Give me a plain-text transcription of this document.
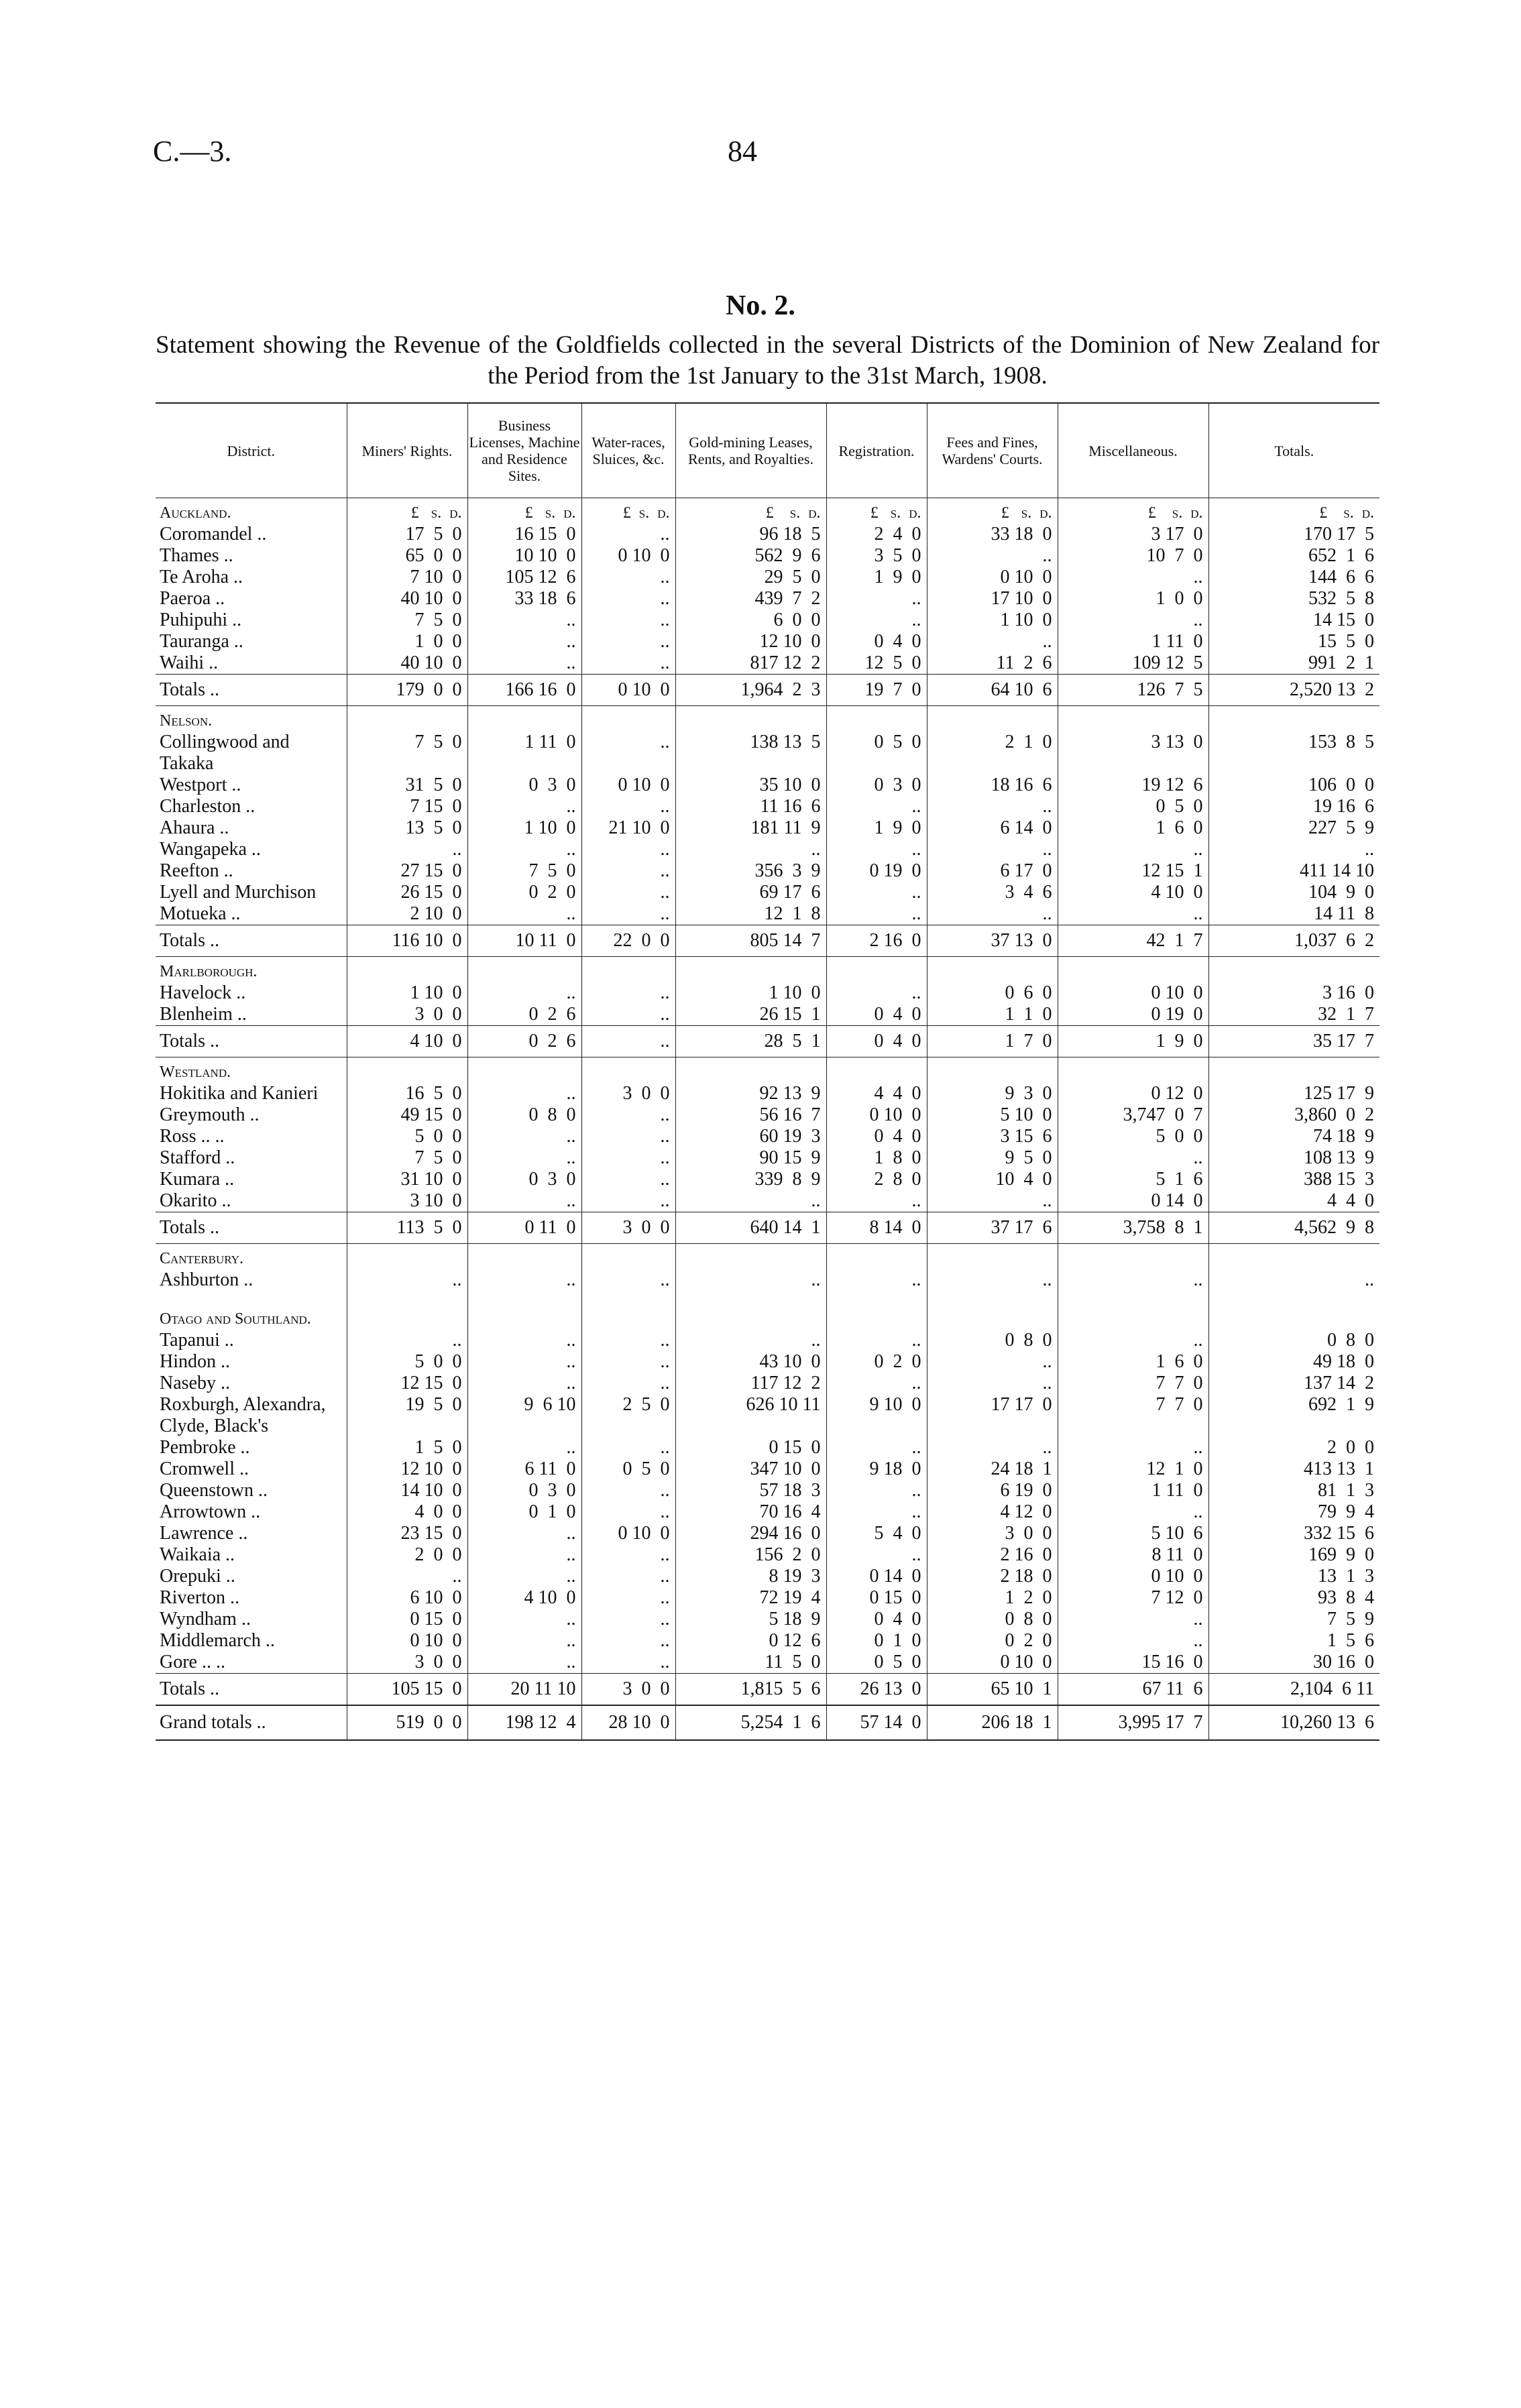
C.—3.	84
No. 2.
Statement showing the Revenue of the Goldfields collected in the several Districts of the Dominion of New Zealand for the Period from the 1st January to the 31st March, 1908.
District.	Miners' Rights.	Business Licenses, Machine and Residence Sites.	Water-races, Sluices, &c.	Gold-mining Leases, Rents, and Royalties.	Registration.	Fees and Fines, Wardens' Courts.	Miscellaneous.	Totals.
Auckland.	£   s.  d.	£   s.  d.	£  s.  d.	£    s.  d.	£   s.  d.	£   s.  d.	£    s.  d.	£    s.  d.
Coromandel ..	17  5  0	16 15  0	..	96 18  5	2  4  0	33 18  0	3 17  0	170 17  5
Thames ..	65  0  0	10 10  0	0 10  0	562  9  6	3  5  0	..	10  7  0	652  1  6
Te Aroha ..	7 10  0	105 12  6	..	29  5  0	1  9  0	0 10  0	..	144  6  6
Paeroa ..	40 10  0	33 18  6	..	439  7  2	..	17 10  0	1  0  0	532  5  8
Puhipuhi ..	7  5  0	..	..	6  0  0	..	1 10  0	..	14 15  0
Tauranga ..	1  0  0	..	..	12 10  0	0  4  0	..	1 11  0	15  5  0
Waihi ..	40 10  0	..	..	817 12  2	12  5  0	11  2  6	109 12  5	991  2  1
Totals ..	179  0  0	166 16  0	0 10  0	1,964  2  3	19  7  0	64 10  6	126  7  5	2,520 13  2
Nelson.								
Collingwood and Takaka	7  5  0	1 11  0	..	138 13  5	0  5  0	2  1  0	3 13  0	153  8  5
Westport ..	31  5  0	0  3  0	0 10  0	35 10  0	0  3  0	18 16  6	19 12  6	106  0  0
Charleston ..	7 15  0	..	..	11 16  6	..	..	0  5  0	19 16  6
Ahaura ..	13  5  0	1 10  0	21 10  0	181 11  9	1  9  0	6 14  0	1  6  0	227  5  9
Wangapeka ..	..	..	..	..	..	..	..	..
Reefton ..	27 15  0	7  5  0	..	356  3  9	0 19  0	6 17  0	12 15  1	411 14 10
Lyell and Murchison	26 15  0	0  2  0	..	69 17  6	..	3  4  6	4 10  0	104  9  0
Motueka ..	2 10  0	..	..	12  1  8	..	..	..	14 11  8
Totals ..	116 10  0	10 11  0	22  0  0	805 14  7	2 16  0	37 13  0	42  1  7	1,037  6  2
Marlborough.								
Havelock ..	1 10  0	..	..	1 10  0	..	0  6  0	0 10  0	3 16  0
Blenheim ..	3  0  0	0  2  6	..	26 15  1	0  4  0	1  1  0	0 19  0	32  1  7
Totals ..	4 10  0	0  2  6	..	28  5  1	0  4  0	1  7  0	1  9  0	35 17  7
Westland.								
Hokitika and Kanieri	16  5  0	..	3  0  0	92 13  9	4  4  0	9  3  0	0 12  0	125 17  9
Greymouth ..	49 15  0	0  8  0	..	56 16  7	0 10  0	5 10  0	3,747  0  7	3,860  0  2
Ross .. ..	5  0  0	..	..	60 19  3	0  4  0	3 15  6	5  0  0	74 18  9
Stafford ..	7  5  0	..	..	90 15  9	1  8  0	9  5  0	..	108 13  9
Kumara ..	31 10  0	0  3  0	..	339  8  9	2  8  0	10  4  0	5  1  6	388 15  3
Okarito ..	3 10  0	..	..	..	..	..	0 14  0	4  4  0
Totals ..	113  5  0	0 11  0	3  0  0	640 14  1	8 14  0	37 17  6	3,758  8  1	4,562  9  8
Canterbury.								
Ashburton ..	..	..	..	..	..	..	..	..

Otago and Southland.								
Tapanui ..	..	..	..	..	..	0  8  0	..	0  8  0
Hindon ..	5  0  0	..	..	43 10  0	0  2  0	..	1  6  0	49 18  0
Naseby ..	12 15  0	..	..	117 12  2	..	..	7  7  0	137 14  2
Roxburgh, Alexandra, Clyde, Black's	19  5  0	9  6 10	2  5  0	626 10 11	9 10  0	17 17  0	7  7  0	692  1  9
Pembroke ..	1  5  0	..	..	0 15  0	..	..	..	2  0  0
Cromwell ..	12 10  0	6 11  0	0  5  0	347 10  0	9 18  0	24 18  1	12  1  0	413 13  1
Queenstown ..	14 10  0	0  3  0	..	57 18  3	..	6 19  0	1 11  0	81  1  3
Arrowtown ..	4  0  0	0  1  0	..	70 16  4	..	4 12  0	..	79  9  4
Lawrence ..	23 15  0	..	0 10  0	294 16  0	5  4  0	3  0  0	5 10  6	332 15  6
Waikaia ..	2  0  0	..	..	156  2  0	..	2 16  0	8 11  0	169  9  0
Orepuki ..	..	..	..	8 19  3	0 14  0	2 18  0	0 10  0	13  1  3
Riverton ..	6 10  0	4 10  0	..	72 19  4	0 15  0	1  2  0	7 12  0	93  8  4
Wyndham ..	0 15  0	..	..	5 18  9	0  4  0	0  8  0	..	7  5  9
Middlemarch ..	0 10  0	..	..	0 12  6	0  1  0	0  2  0	..	1  5  6
Gore .. ..	3  0  0	..	..	11  5  0	0  5  0	0 10  0	15 16  0	30 16  0
Totals ..	105 15  0	20 11 10	3  0  0	1,815  5  6	26 13  0	65 10  1	67 11  6	2,104  6 11
Grand totals ..	519  0  0	198 12  4	28 10  0	5,254  1  6	57 14  0	206 18  1	3,995 17  7	10,260 13  6
